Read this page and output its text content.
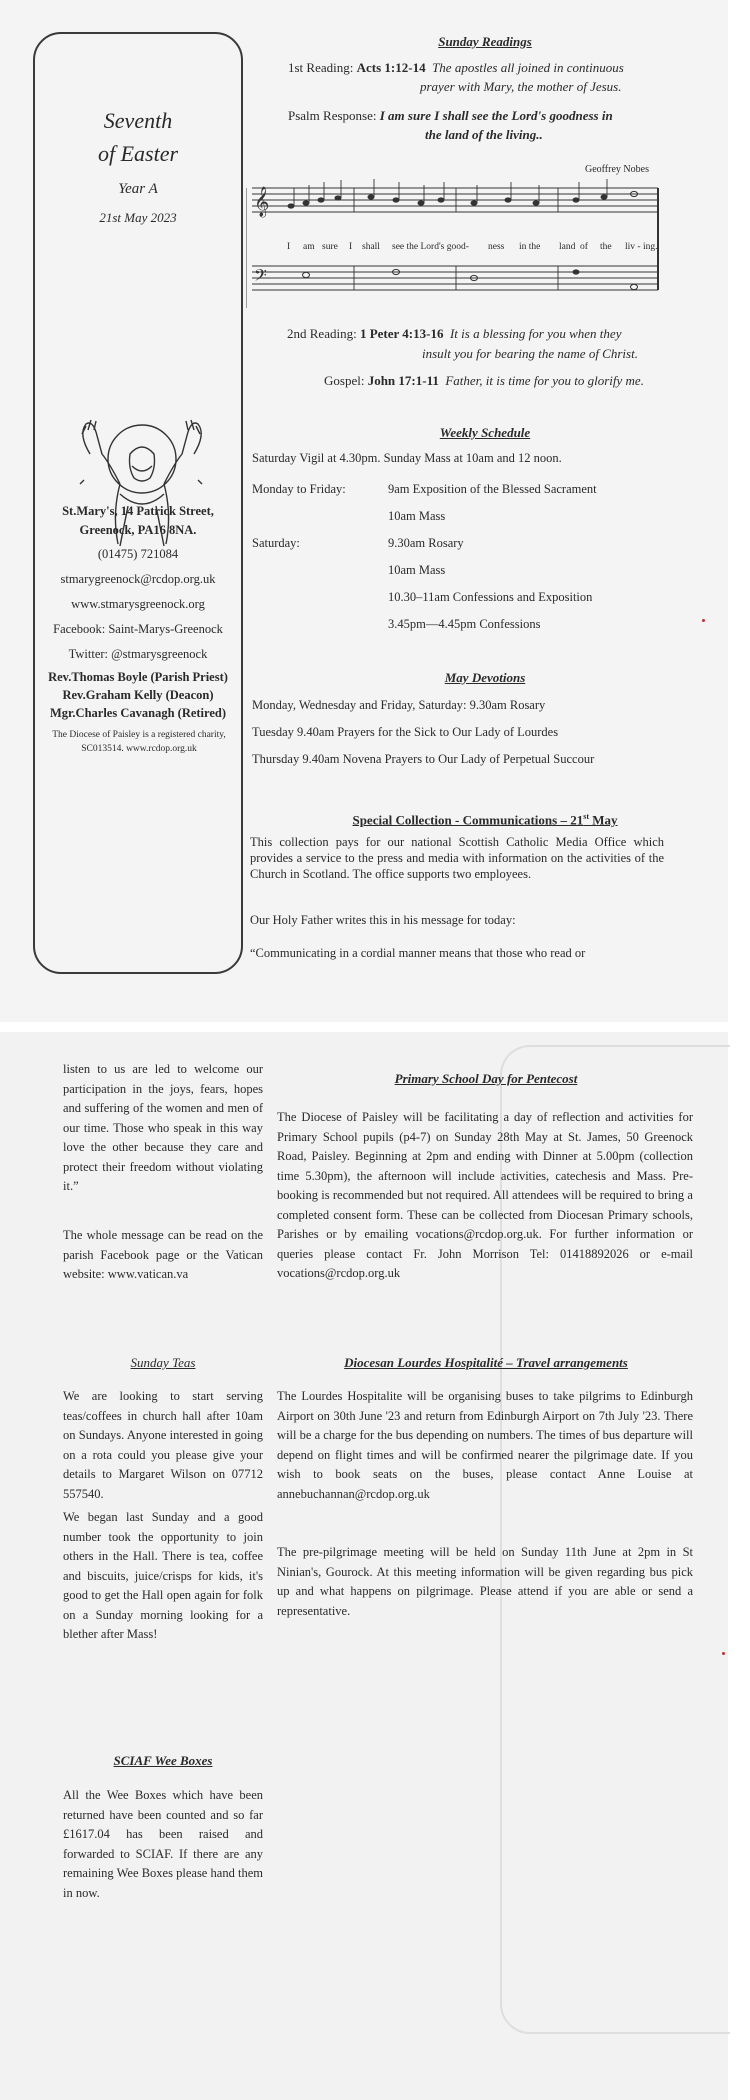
Seventh
of Easter
Year A
21st May 2023
St.Mary's, 14 Patrick Street,
Greenock, PA16 8NA.
(01475) 721084
stmarygreenock@rcdop.org.uk
www.stmarysgreenock.org
Facebook: Saint-Marys-Greenock
Twitter: @stmarysgreenock
Rev.Thomas Boyle (Parish Priest)
Rev.Graham Kelly (Deacon)
Mgr.Charles Cavanagh (Retired)
The Diocese of Paisley is a registered charity,
SC013514. www.rcdop.org.uk
Sunday Readings
1st Reading: Acts 1:12-14 The apostles all joined in continuous
prayer with Mary, the mother of Jesus.
Psalm Response: I am sure I shall see the Lord's goodness in
the land of the living..
Geoffrey Nobes
𝄞
𝄢
I am sure I shall see the Lord's good- ness in the land of the liv - ing.
2nd Reading: 1 Peter 4:13-16 It is a blessing for you when they
insult you for bearing the name of Christ.
Gospel: John 17:1-11 Father, it is time for you to glorify me.
Weekly Schedule
Saturday Vigil at 4.30pm. Sunday Mass at 10am and 12 noon.
Monday to Friday:	9am Exposition of the Blessed Sacrament
10am Mass
Saturday:	9.30am Rosary
10am Mass
10.30–11am Confessions and Exposition
3.45pm—4.45pm Confessions
May Devotions
Monday, Wednesday and Friday, Saturday: 9.30am Rosary
Tuesday 9.40am Prayers for the Sick to Our Lady of Lourdes
Thursday 9.40am Novena Prayers to Our Lady of Perpetual Succour
Special Collection - Communications – 21st May
This collection pays for our national Scottish Catholic Media Office which provides a service to the press and media with information on the activities of the Church in Scotland. The office supports two employees.
Our Holy Father writes this in his message for today:
“Communicating in a cordial manner means that those who read or
listen to us are led to welcome our participation in the joys, fears, hopes and suffering of the women and men of our time. Those who speak in this way love the other because they care and protect their freedom without violating it.”
The whole message can be read on the parish Facebook page or the Vatican website: www.vatican.va
Sunday Teas
We are looking to start serving teas/coffees in church hall after 10am on Sundays. Anyone interested in going on a rota could you please give your details to Margaret Wilson on 07712 557540.
We began last Sunday and a good number took the opportunity to join others in the Hall. There is tea, coffee and biscuits, juice/crisps for kids, it's good to get the Hall open again for folk on a Sunday morning looking for a blether after Mass!
SCIAF Wee Boxes
All the Wee Boxes which have been returned have been counted and so far £1617.04 has been raised and forwarded to SCIAF. If there are any remaining Wee Boxes please hand them in now.
Primary School Day for Pentecost
The Diocese of Paisley will be facilitating a day of reflection and activities for Primary School pupils (p4-7) on Sunday 28th May at St. James, 50 Greenock Road, Paisley. Beginning at 2pm and ending with Dinner at 5.00pm (collection time 5.30pm), the afternoon will include activities, catechesis and Mass. Pre-booking is recommended but not required. All attendees will be required to bring a completed consent form. These can be collected from Diocesan Primary schools, Parishes or by emailing vocations@rcdop.org.uk. For further information or queries please contact Fr. John Morrison Tel: 01418892026 or e-mail vocations@rcdop.org.uk
Diocesan Lourdes Hospitalité – Travel arrangements
The Lourdes Hospitalite will be organising buses to take pilgrims to Edinburgh Airport on 30th June '23 and return from Edinburgh Airport on 7th July '23. There will be a charge for the bus depending on numbers. The times of bus departure will depend on flight times and will be confirmed nearer the pilgrimage date. If you wish to book seats on the buses, please contact Anne Louise at annebuchannan@rcdop.org.uk
The pre-pilgrimage meeting will be held on Sunday 11th June at 2pm in St Ninian's, Gourock. At this meeting information will be given regarding bus pick up and what happens on pilgrimage. Please attend if you are able or send a representative.
